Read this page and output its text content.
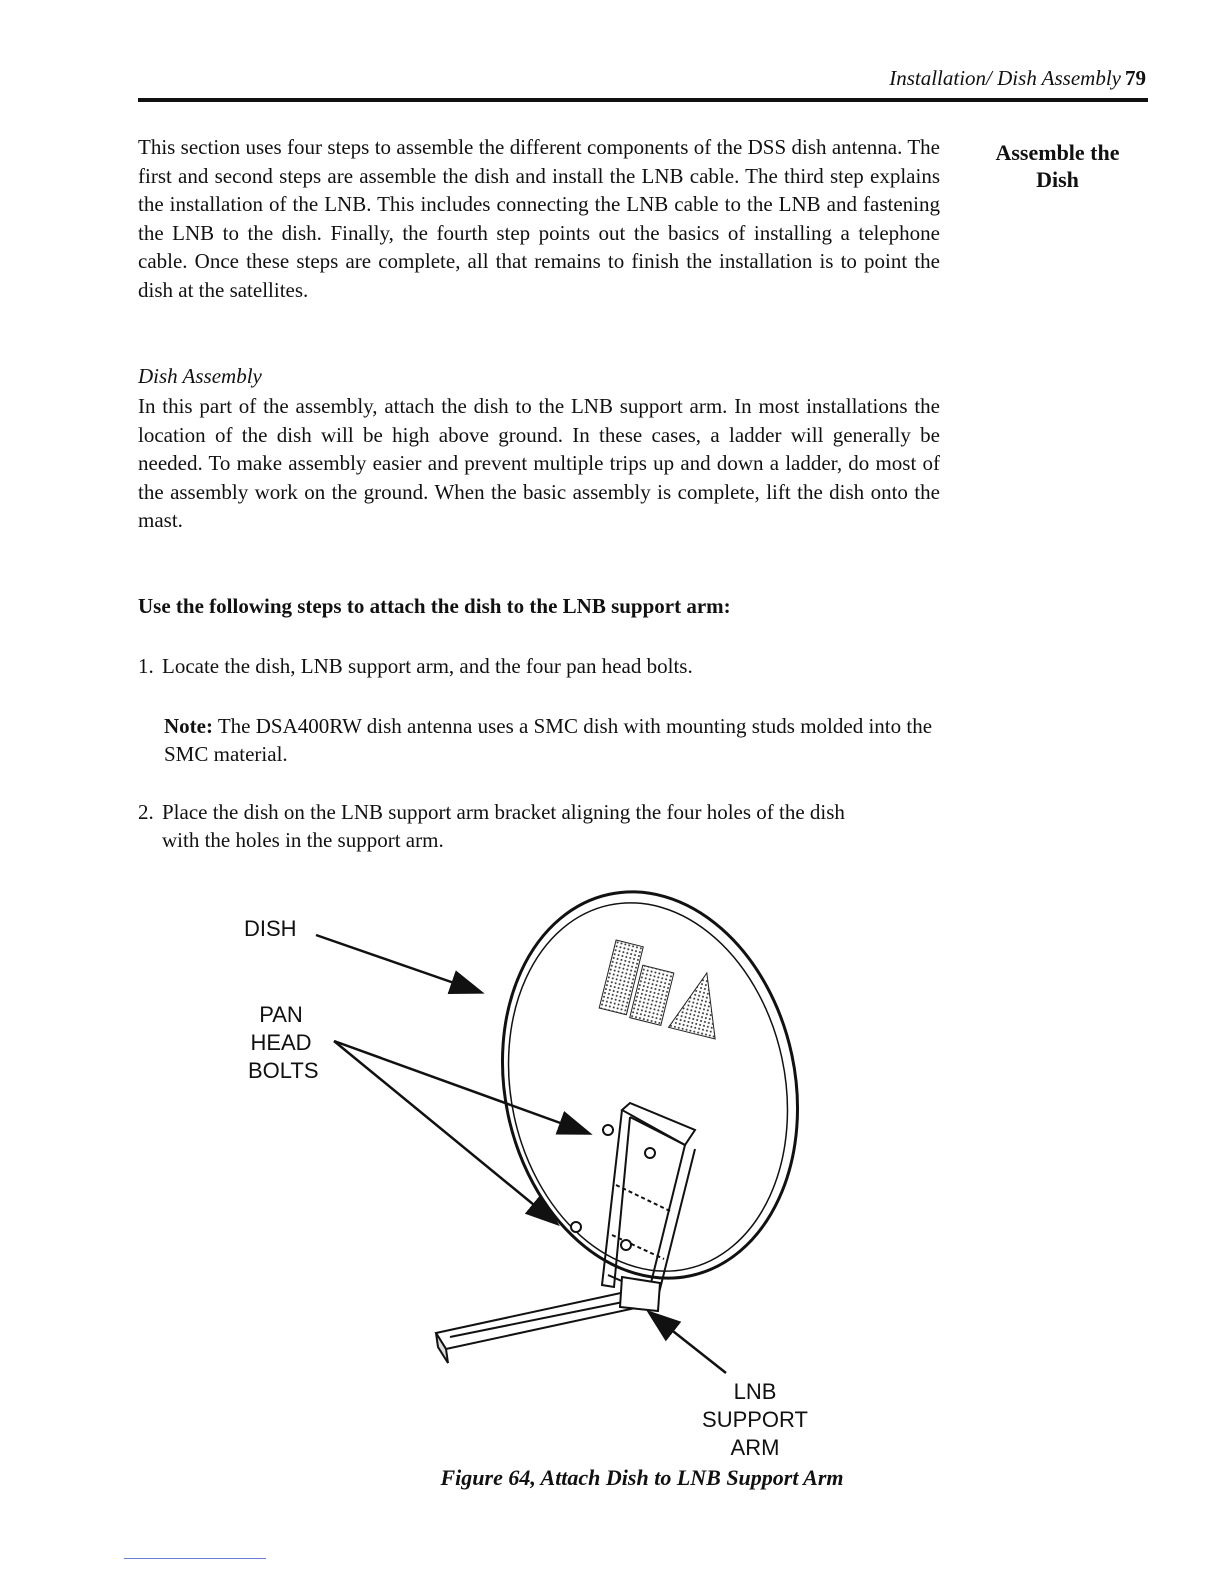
Installation/ Dish Assembly 79
Assemble the
Dish

This section uses four steps to assemble the different components of the DSS dish antenna. The first and second steps are assemble the dish and install the LNB cable. The third step explains the installation of the LNB. This includes connecting the LNB cable to the LNB and fastening the LNB to the dish. Finally, the fourth step points out the basics of installing a telephone cable. Once these steps are complete, all that remains to finish the installation is to point the dish at the satellites.

Dish Assembly

In this part of the assembly, attach the dish to the LNB support arm. In most installations the location of the dish will be high above ground. In these cases, a ladder will generally be needed. To make assembly easier and prevent multiple trips up and down a ladder, do most of the assembly work on the ground. When the basic assembly is complete, lift the dish onto the mast.

Use the following steps to attach the dish to the LNB support arm:
1. Locate the dish, LNB support arm, and the four pan head bolts.
Note: The DSA400RW dish antenna uses a SMC dish with mounting studs molded into the SMC material.
2. Place the dish on the LNB support arm bracket aligning the four holes of the dish
with the holes in the support arm.
RCA
DISH
PAN
HEAD
BOLTS
LNB
SUPPORT
ARM
Figure 64, Attach Dish to LNB Support Arm
